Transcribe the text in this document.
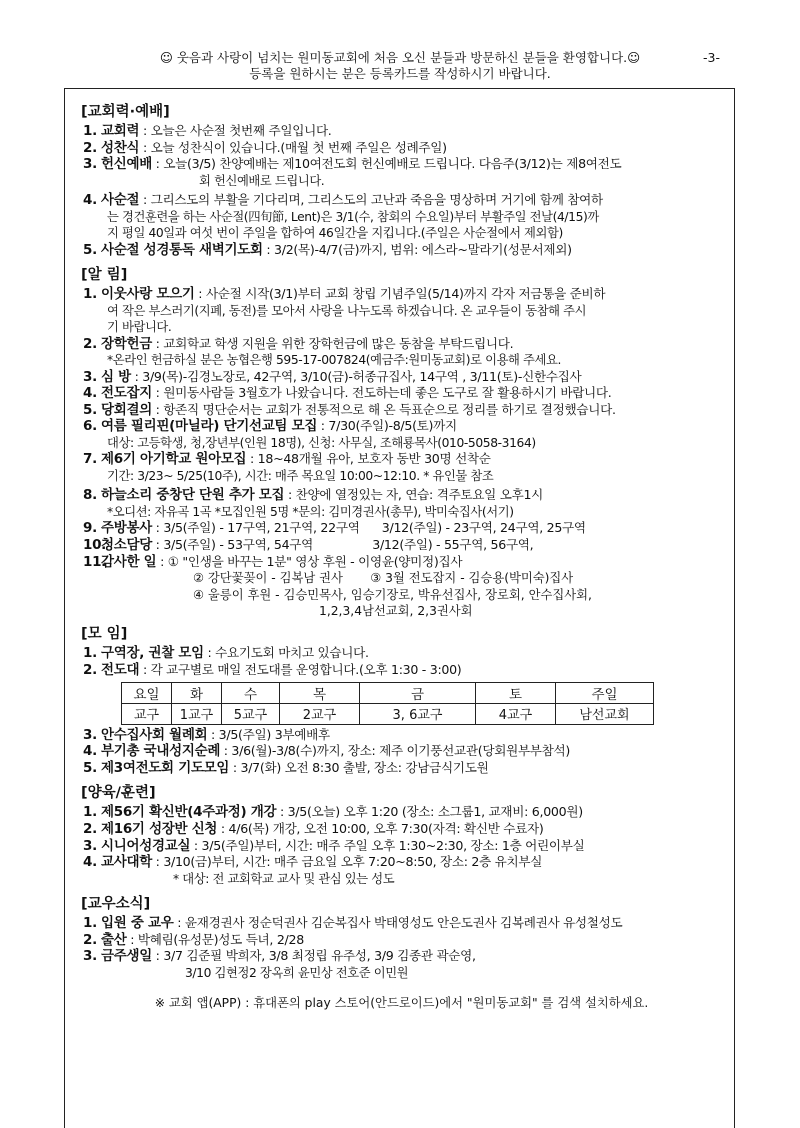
☺ 웃음과 사랑이 넘치는 원미동교회에 처음 오신 분들과 방문하신 분들을 환영합니다.☺
등록을 원하시는 분은 등록카드를 작성하시기 바랍니다.
-3-
[교회력·예배]
1. 교회력 : 오늘은 사순절 첫번째 주일입니다.
2. 성찬식 : 오늘 성찬식이 있습니다.(매월 첫 번째 주일은 성례주일)
3. 헌신예배 : 오늘(3/5) 찬양예배는 제10여전도회 헌신예배로 드립니다. 다음주(3/12)는 제8여전도
회 헌신예배로 드립니다.
4. 사순절 : 그리스도의 부활을 기다리며, 그리스도의 고난과 죽음을 명상하며 거기에 함께 참여하
는 경건훈련을 하는 사순절(四旬節, Lent)은 3/1(수, 참회의 수요일)부터 부활주일 전날(4/15)까
지 평일 40일과 여섯 번이 주일을 합하여 46일간을 지킵니다.(주일은 사순절에서 제외함)
5. 사순절 성경통독 새벽기도회 : 3/2(목)-4/7(금)까지, 범위: 에스라~말라기(성문서제외)
[알 림]
1. 이웃사랑 모으기 : 사순절 시작(3/1)부터 교회 창립 기념주일(5/14)까지 각자 저금통을 준비하
여 작은 부스러기(지폐, 동전)를 모아서 사랑을 나누도록 하겠습니다. 온 교우들이 동참해 주시
기 바랍니다.
2. 장학헌금 : 교회학교 학생 지원을 위한 장학헌금에 많은 동참을 부탁드립니다.
*온라인 헌금하실 분은 농협은행 595-17-007824(예금주:원미동교회)로 이용해 주세요.
3. 심 방 : 3/9(목)-김경노장로, 42구역, 3/10(금)-허종규집사, 14구역 , 3/11(토)-신한수집사
4. 전도잡지 : 원미동사람들 3월호가 나왔습니다. 전도하는데 좋은 도구로 잘 활용하시기 바랍니다.
5. 당회결의 : 항존직 명단순서는 교회가 전통적으로 해 온 득표순으로 정리를 하기로 결정했습니다.
6. 여름 필리핀(마닐라) 단기선교팀 모집 : 7/30(주일)-8/5(토)까지
대상: 고등학생, 청,장년부(인원 18명), 신청: 사무실, 조해룡목사(010-5058-3164)
7. 제6기 아기학교 원아모집 : 18~48개월 유아, 보호자 동반 30명 선착순
기간: 3/23~ 5/25(10주), 시간: 매주 목요일 10:00~12:10. * 유인물 참조
8. 하늘소리 중창단 단원 추가 모집 : 찬양에 열정있는 자, 연습: 격주토요일 오후1시
*오디션: 자유곡 1곡 *모집인원 5명 *문의: 김미경권사(총무), 박미숙집사(서기)
9. 주방봉사 : 3/5(주일) - 17구역, 21구역, 22구역      3/12(주일) - 23구역, 24구역, 25구역
10.
청소담당 : 3/5(주일) - 53구역, 54구역                3/12(주일) - 55구역, 56구역,
11.
감사한 일 : ① "인생을 바꾸는 1분" 영상 후원 - 이영윤(양미정)집사
② 강단꽃꽂이 - 김복남 권사       ③ 3월 전도잡지 - 김승용(박미숙)집사
④ 울릉이 후원 - 김승민목사, 임승기장로, 박유선집사, 장로회, 안수집사회,
1,2,3,4남선교회, 2,3권사회
[모 임]
1. 구역장, 권찰 모임 : 수요기도회 마치고 있습니다.
2. 전도대 : 각 교구별로 매일 전도대를 운영합니다.(오후 1:30 - 3:00)
요일	화	수	목	금	토	주일
교구	1교구	5교구	2교구	3, 6교구	4교구	남선교회
3. 안수집사회 월례회 : 3/5(주일) 3부예배후
4. 부기총 국내성지순례 : 3/6(월)-3/8(수)까지, 장소: 제주 이기풍선교관(당회원부부참석)
5. 제3여전도회 기도모임 : 3/7(화) 오전 8:30 출발, 장소: 강남금식기도원
[양육/훈련]
1. 제56기 확신반(4주과정) 개강 : 3/5(오늘) 오후 1:20 (장소: 소그룹1, 교재비: 6,000원)
2. 제16기 성장반 신청 : 4/6(목) 개강, 오전 10:00, 오후 7:30(자격: 확신반 수료자)
3. 시니어성경교실 : 3/5(주일)부터, 시간: 매주 주일 오후 1:30~2:30, 장소: 1층 어린이부실
4. 교사대학 : 3/10(금)부터, 시간: 매주 금요일 오후 7:20~8:50, 장소: 2층 유치부실
* 대상: 전 교회학교 교사 및 관심 있는 성도
[교우소식]
1. 입원 중 교우 : 윤재경권사 정순덕권사 김순복집사 박태영성도 안은도권사 김복례권사 유성철성도
2. 출산 : 박혜림(유성문)성도 득녀, 2/28
3. 금주생일 : 3/7 김준필 박희자, 3/8 최정립 유주성, 3/9 김종관 곽순영,
3/10 김현정2 장옥희 윤민상 전호준 이민원
※ 교회 앱(APP) : 휴대폰의 play 스토어(안드로이드)에서 "원미동교회" 를 검색 설치하세요.
